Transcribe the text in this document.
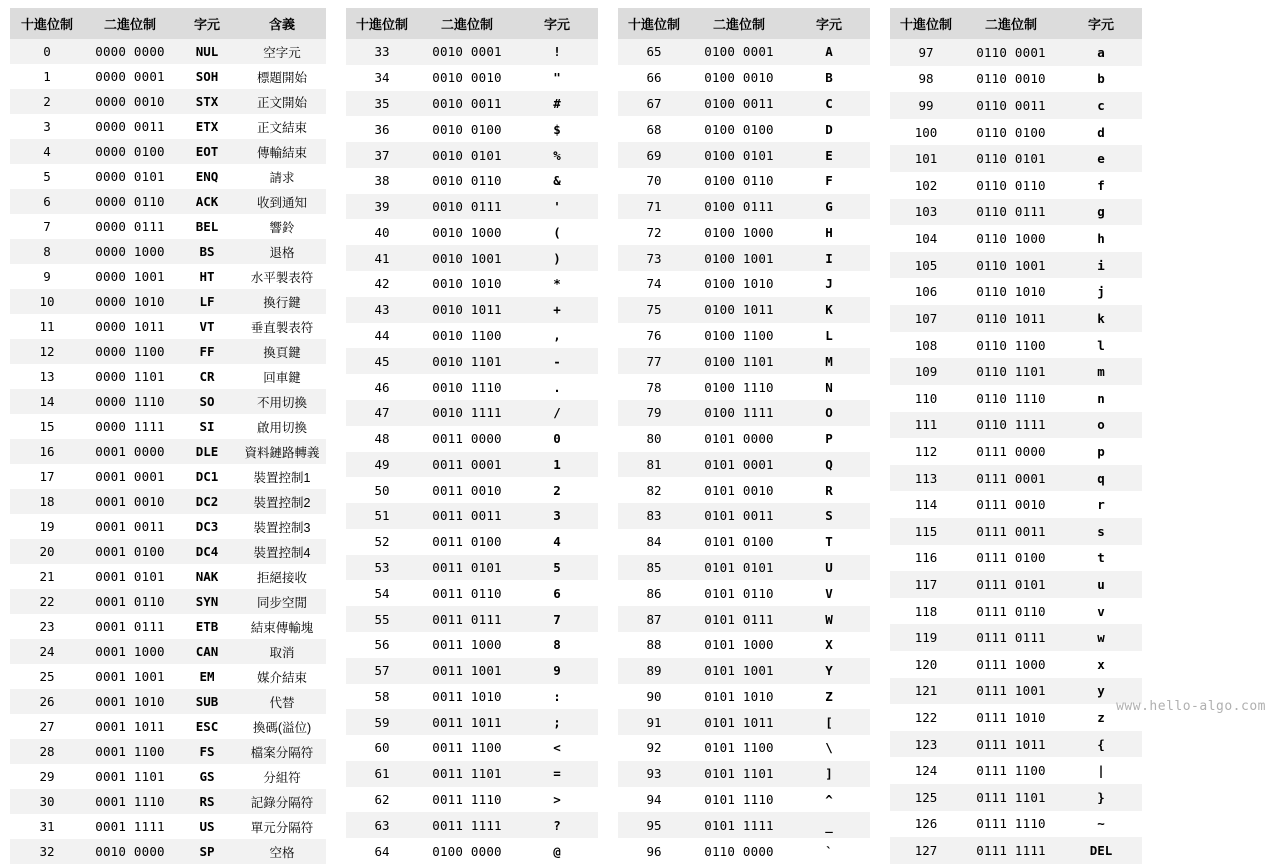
十進位制	二進位制	字元	含義
0	0000 0000	NUL	空字元
1	0000 0001	SOH	標題開始
2	0000 0010	STX	正文開始
3	0000 0011	ETX	正文結束
4	0000 0100	EOT	傳輸結束
5	0000 0101	ENQ	請求
6	0000 0110	ACK	收到通知
7	0000 0111	BEL	響鈴
8	0000 1000	BS	退格
9	0000 1001	HT	水平製表符
10	0000 1010	LF	換行鍵
11	0000 1011	VT	垂直製表符
12	0000 1100	FF	換頁鍵
13	0000 1101	CR	回車鍵
14	0000 1110	SO	不用切換
15	0000 1111	SI	啟用切換
16	0001 0000	DLE	資料鏈路轉義
17	0001 0001	DC1	裝置控制1
18	0001 0010	DC2	裝置控制2
19	0001 0011	DC3	裝置控制3
20	0001 0100	DC4	裝置控制4
21	0001 0101	NAK	拒絕接收
22	0001 0110	SYN	同步空閒
23	0001 0111	ETB	結束傳輸塊
24	0001 1000	CAN	取消
25	0001 1001	EM	媒介結束
26	0001 1010	SUB	代替
27	0001 1011	ESC	換碼(溢位)
28	0001 1100	FS	檔案分隔符
29	0001 1101	GS	分組符
30	0001 1110	RS	記錄分隔符
31	0001 1111	US	單元分隔符
32	0010 0000	SP	空格
十進位制	二進位制	字元
33	0010 0001	!
34	0010 0010	"
35	0010 0011	#
36	0010 0100	$
37	0010 0101	%
38	0010 0110	&
39	0010 0111	'
40	0010 1000	(
41	0010 1001	)
42	0010 1010	*
43	0010 1011	+
44	0010 1100	,
45	0010 1101	-
46	0010 1110	.
47	0010 1111	/
48	0011 0000	0
49	0011 0001	1
50	0011 0010	2
51	0011 0011	3
52	0011 0100	4
53	0011 0101	5
54	0011 0110	6
55	0011 0111	7
56	0011 1000	8
57	0011 1001	9
58	0011 1010	:
59	0011 1011	;
60	0011 1100	<
61	0011 1101	=
62	0011 1110	>
63	0011 1111	?
64	0100 0000	@
十進位制	二進位制	字元
65	0100 0001	A
66	0100 0010	B
67	0100 0011	C
68	0100 0100	D
69	0100 0101	E
70	0100 0110	F
71	0100 0111	G
72	0100 1000	H
73	0100 1001	I
74	0100 1010	J
75	0100 1011	K
76	0100 1100	L
77	0100 1101	M
78	0100 1110	N
79	0100 1111	O
80	0101 0000	P
81	0101 0001	Q
82	0101 0010	R
83	0101 0011	S
84	0101 0100	T
85	0101 0101	U
86	0101 0110	V
87	0101 0111	W
88	0101 1000	X
89	0101 1001	Y
90	0101 1010	Z
91	0101 1011	[
92	0101 1100	\
93	0101 1101	]
94	0101 1110	^
95	0101 1111	_
96	0110 0000	`
十進位制	二進位制	字元
97	0110 0001	a
98	0110 0010	b
99	0110 0011	c
100	0110 0100	d
101	0110 0101	e
102	0110 0110	f
103	0110 0111	g
104	0110 1000	h
105	0110 1001	i
106	0110 1010	j
107	0110 1011	k
108	0110 1100	l
109	0110 1101	m
110	0110 1110	n
111	0110 1111	o
112	0111 0000	p
113	0111 0001	q
114	0111 0010	r
115	0111 0011	s
116	0111 0100	t
117	0111 0101	u
118	0111 0110	v
119	0111 0111	w
120	0111 1000	x
121	0111 1001	y
122	0111 1010	z
123	0111 1011	{
124	0111 1100	|
125	0111 1101	}
126	0111 1110	~
127	0111 1111	DEL
www.hello-algo.com
